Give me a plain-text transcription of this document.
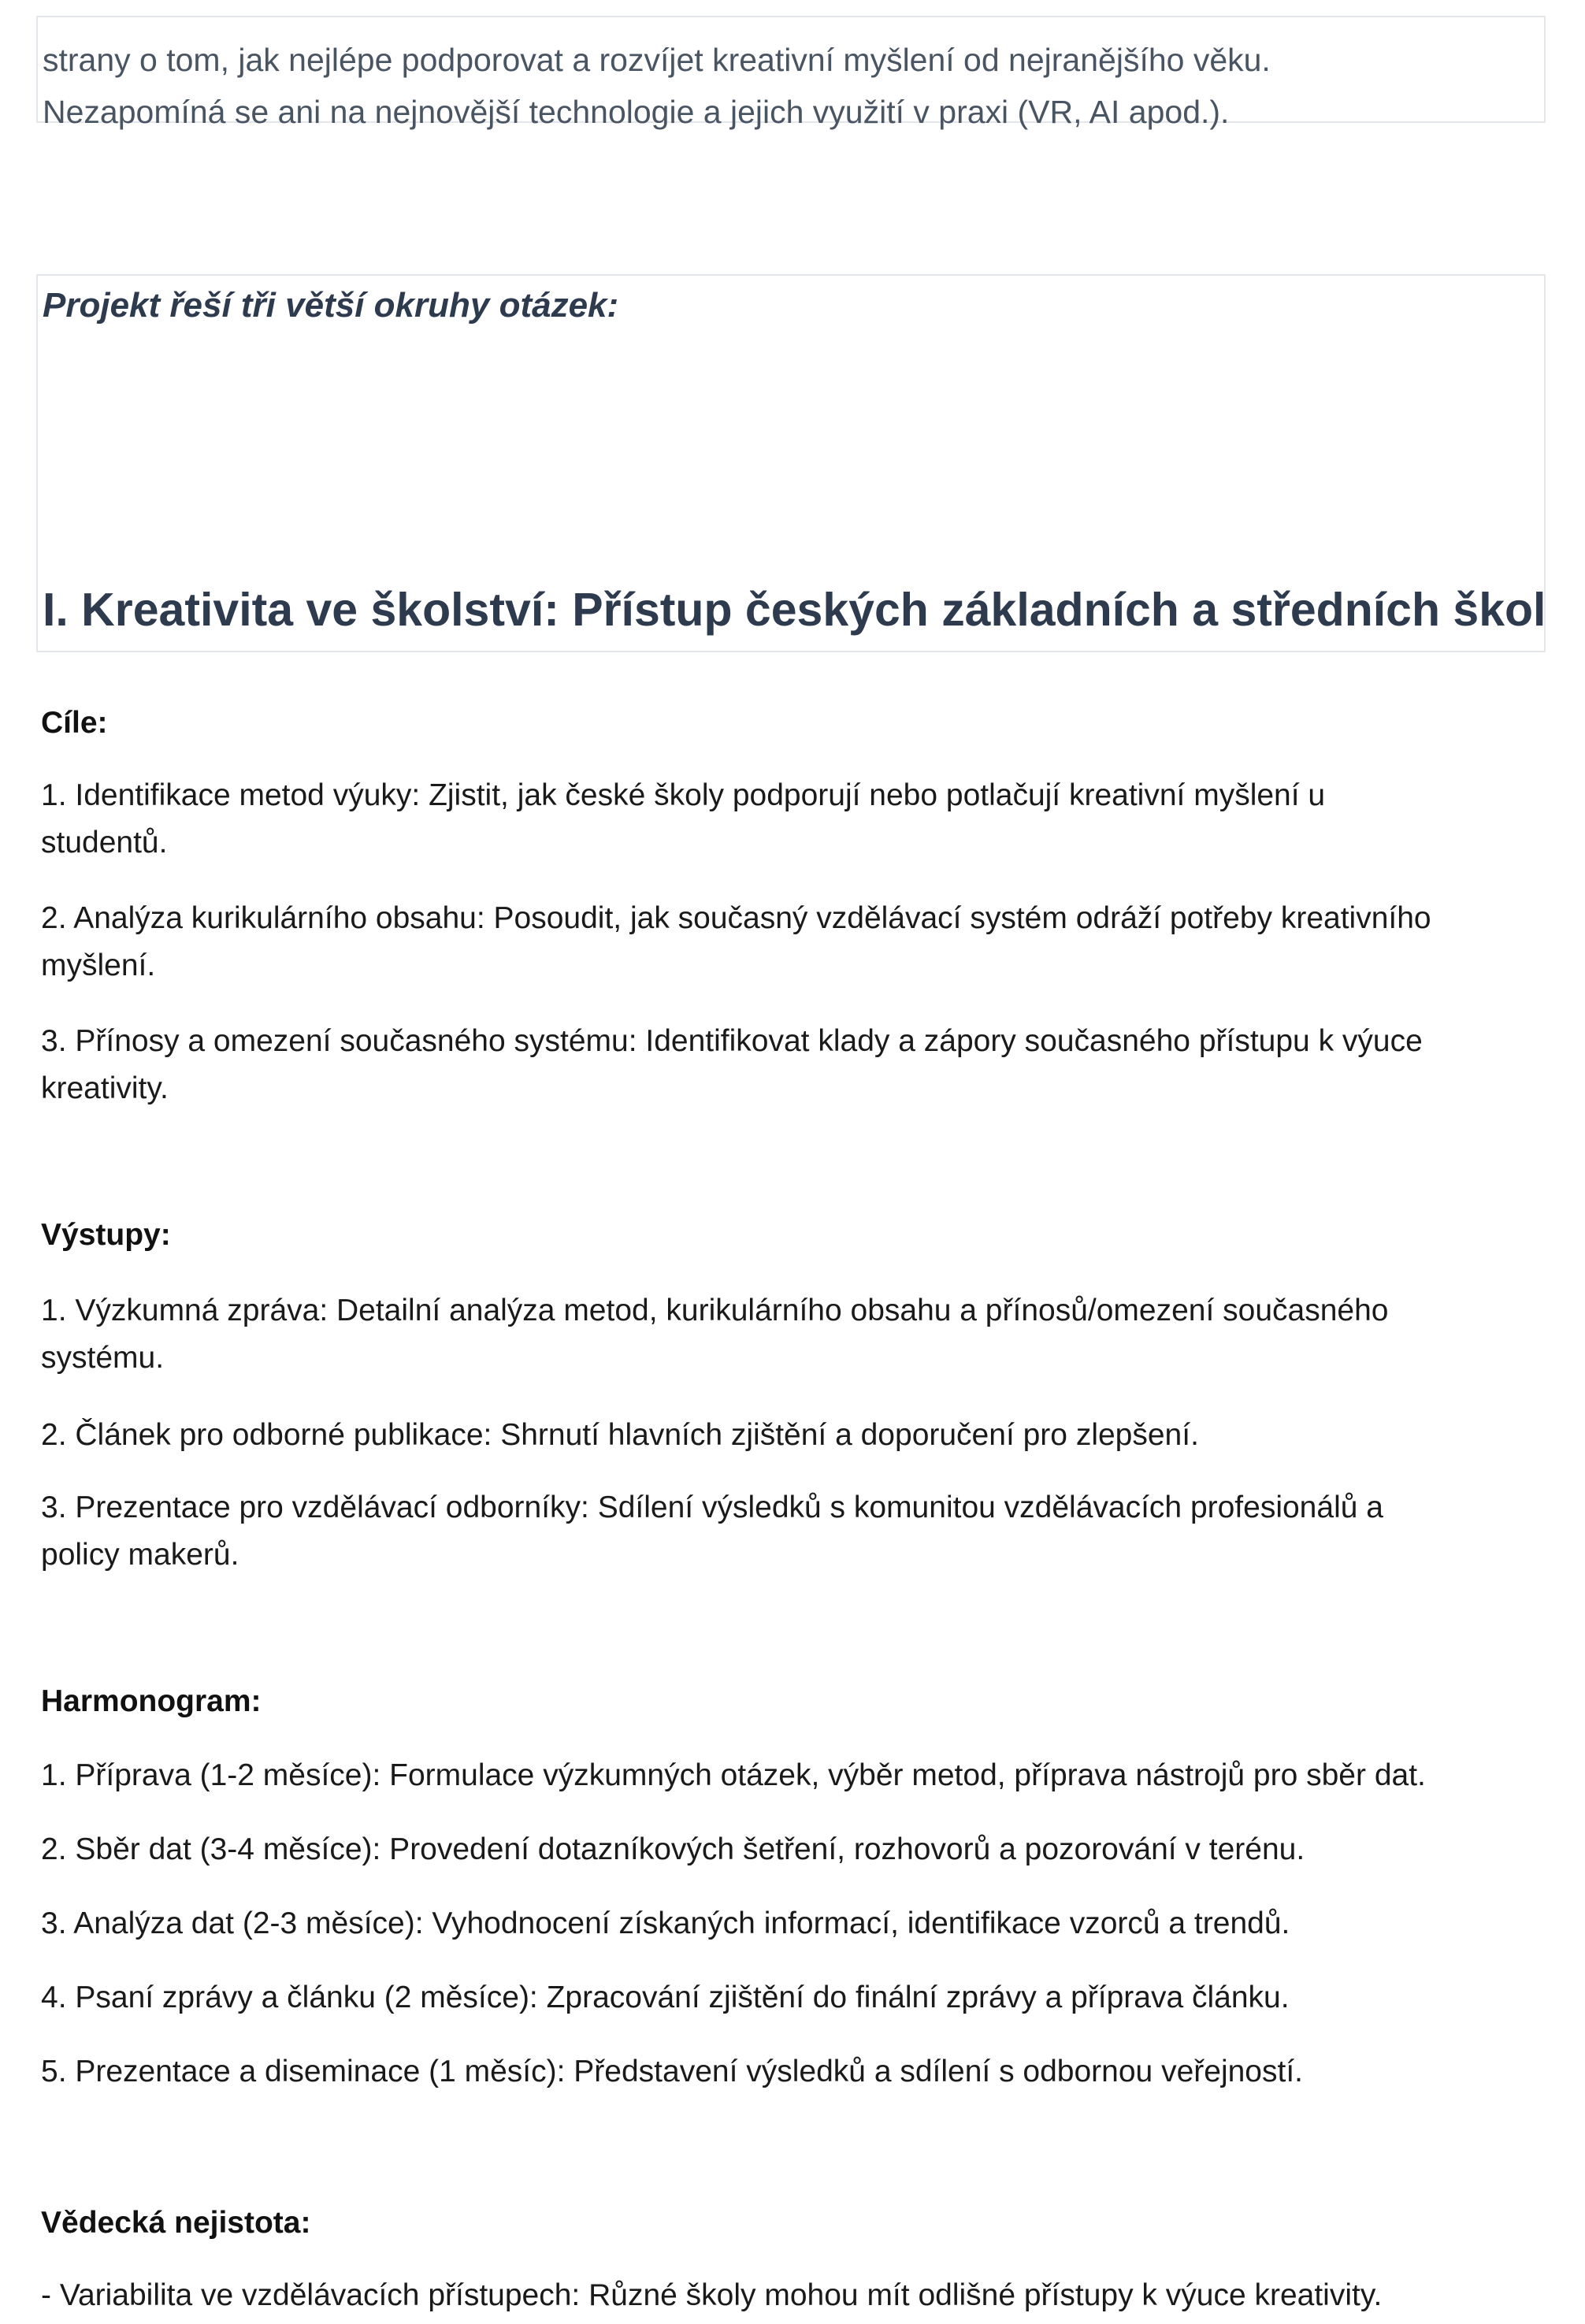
strany o tom, jak nejlépe podporovat a rozvíjet kreativní myšlení od nejranějšího věku.
Nezapomíná se ani na nejnovější technologie a jejich využití v praxi (VR, AI apod.).
Projekt řeší tři větší okruhy otázek:
I. Kreativita ve školství: Přístup českých základních a středních škol
Cíle:
1. Identifikace metod výuky: Zjistit, jak české školy podporují nebo potlačují kreativní myšlení u
studentů.
2. Analýza kurikulárního obsahu: Posoudit, jak současný vzdělávací systém odráží potřeby kreativního
myšlení.
3. Přínosy a omezení současného systému: Identifikovat klady a zápory současného přístupu k výuce
kreativity.
Výstupy:
1. Výzkumná zpráva: Detailní analýza metod, kurikulárního obsahu a přínosů/omezení současného
systému.
2. Článek pro odborné publikace: Shrnutí hlavních zjištění a doporučení pro zlepšení.
3. Prezentace pro vzdělávací odborníky: Sdílení výsledků s komunitou vzdělávacích profesionálů a
policy makerů.
Harmonogram:
1. Příprava (1-2 měsíce): Formulace výzkumných otázek, výběr metod, příprava nástrojů pro sběr dat.
2. Sběr dat (3-4 měsíce): Provedení dotazníkových šetření, rozhovorů a pozorování v terénu.
3. Analýza dat (2-3 měsíce): Vyhodnocení získaných informací, identifikace vzorců a trendů.
4. Psaní zprávy a článku (2 měsíce): Zpracování zjištění do finální zprávy a příprava článku.
5. Prezentace a diseminace (1 měsíc): Představení výsledků a sdílení s odbornou veřejností.
Vědecká nejistota:
- Variabilita ve vzdělávacích přístupech: Různé školy mohou mít odlišné přístupy k výuce kreativity.
